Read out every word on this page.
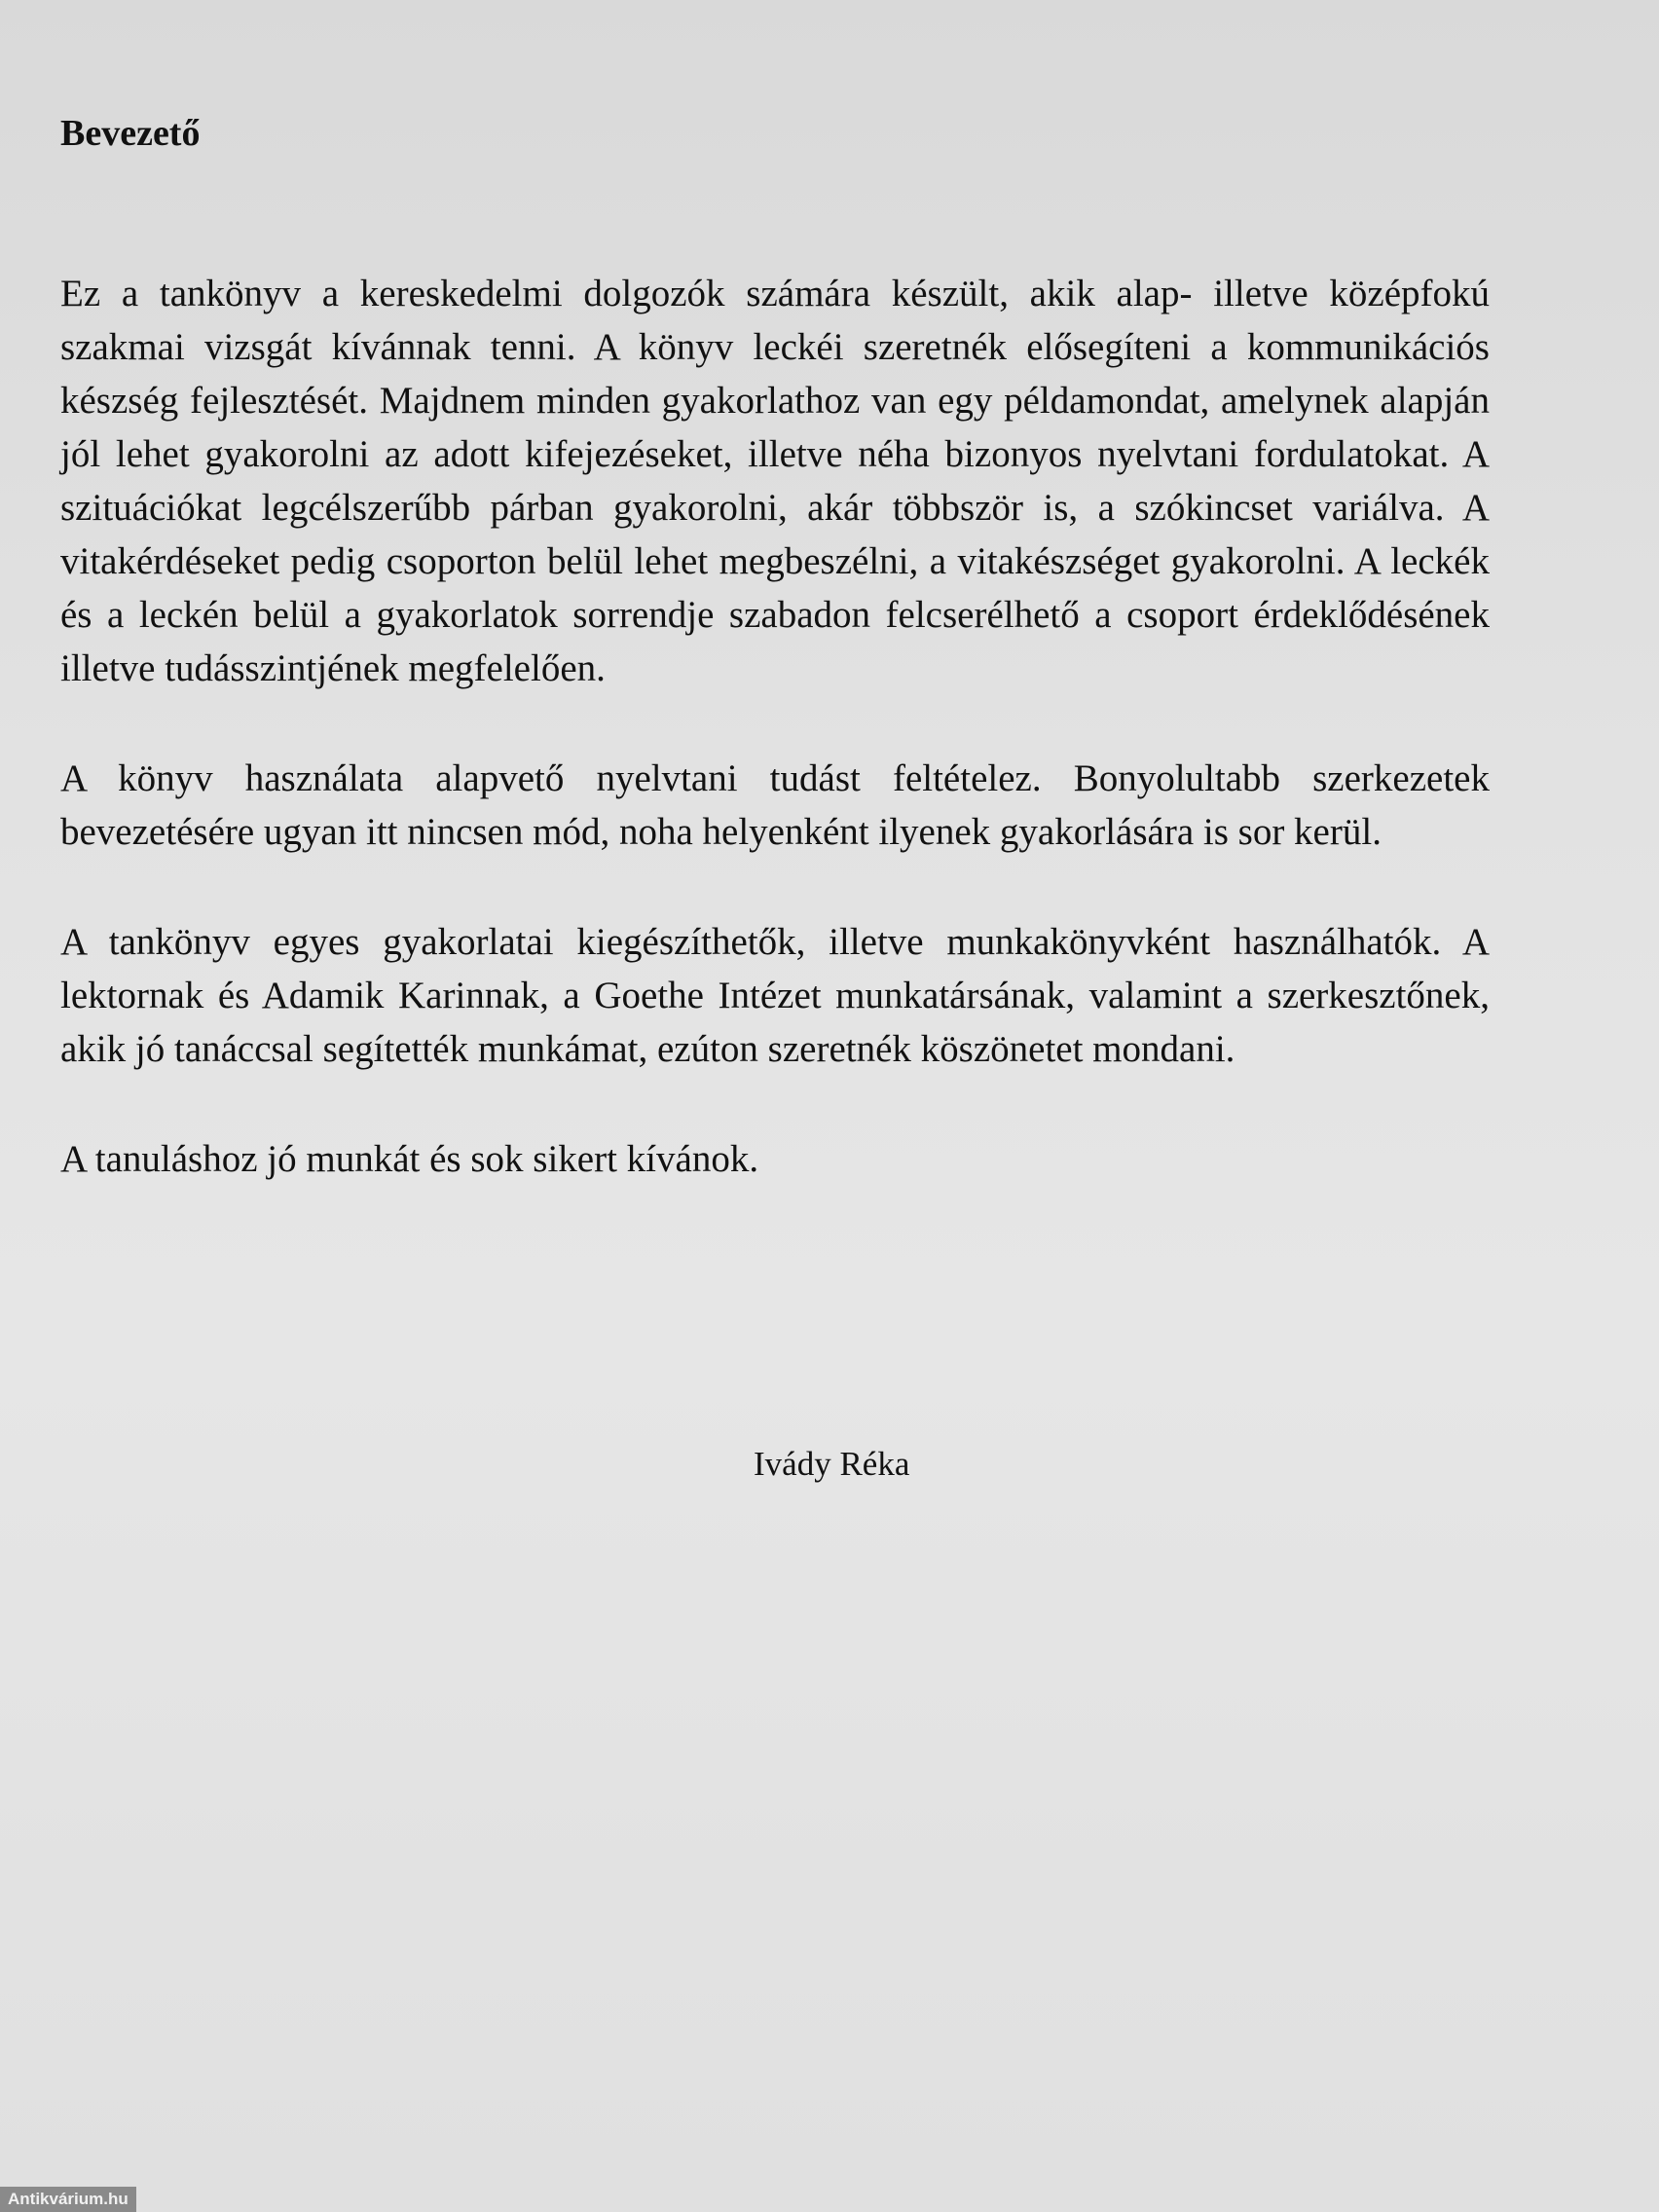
Bevezető

Ez a tankönyv a kereskedelmi dolgozók számára készült, akik alap- illetve középfokú szakmai vizsgát kívánnak tenni. A könyv leckéi szeretnék elősegíteni a kommunikációs készség fejlesztését. Majdnem minden gyakorlathoz van egy példamondat, amelynek alapján jól lehet gyakorolni az adott kifejezéseket, illetve néha bizonyos nyelvtani fordulatokat. A szituációkat legcélszerűbb párban gyakorolni, akár többször is, a szókincset variálva. A vitakérdéseket pedig csoporton belül lehet megbeszélni, a vitakészséget gyakorolni. A leckék és a leckén belül a gyakorlatok sorrendje szabadon felcserélhető a csoport érdeklődésének illetve tudásszintjének megfelelően.

A könyv használata alapvető nyelvtani tudást feltételez. Bonyolultabb szerkezetek bevezetésére ugyan itt nincsen mód, noha helyenként ilyenek gyakorlására is sor kerül.

A tankönyv egyes gyakorlatai kiegészíthetők, illetve munkakönyvként használhatók. A lektornak és Adamik Karinnak, a Goethe Intézet munkatársának, valamint a szerkesztőnek, akik jó tanáccsal segítették munkámat, ezúton szeretnék köszönetet mondani.

A tanuláshoz jó munkát és sok sikert kívánok.

Ivády Réka

Antikvárium.hu
